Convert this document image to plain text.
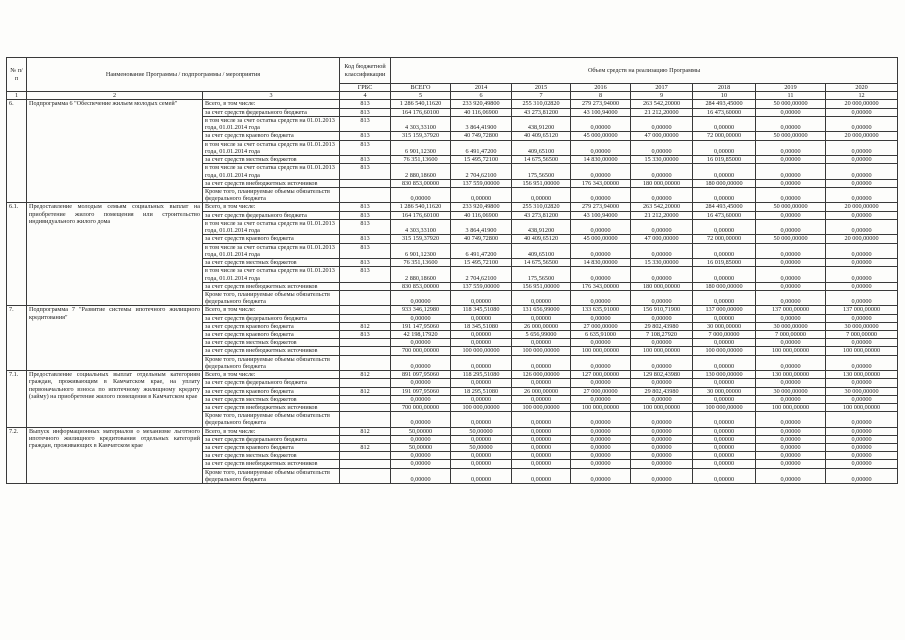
№ п/п	Наименование Программы / подпрограммы / мероприятия		Код бюджетной классификации	Объем средств на реализацию Программы							
			ГРБС	ВСЕГО	2014	2015	2016	2017	2018	2019	2020
1	2	3	4	5	6	7	8	9	10	11	12
6.	Подпрограмма 6 "Обеспечение жильем молодых семей"	Всего, в том числе:	813	1 286 540,11620	233 920,49800	255 310,02820	279 273,94000	263 542,20000	284 493,45000	50 000,00000	20 000,00000
		за счет средств федерального бюджета	813	164 176,60100	40 116,06900	43 273,81200	43 100,94000	21 212,20000	16 473,60000	0,00000	0,00000
		в том числе за счет остатка средств на 01.01.2013 года, 01.01.2014 года	813	4 303,33100	3 864,41900	438,91200	0,00000	0,00000	0,00000	0,00000	0,00000
		за счет средств краевого бюджета	813	315 159,37920	40 749,72800	40 409,65120	45 000,00000	47 000,00000	72 000,00000	50 000,00000	20 000,00000
		в том числе за счет остатка средств на 01.01.2013 года, 01.01.2014 года	813	6 901,12300	6 491,47200	409,65100	0,00000	0,00000	0,00000	0,00000	0,00000
		за счет средств местных бюджетов	813	76 351,13600	15 495,72100	14 675,56500	14 830,00000	15 330,00000	16 019,85000	0,00000	0,00000
		в том числе за счет остатка средств на 01.01.2013 года, 01.01.2014 года	813	2 880,18600	2 704,62100	175,56500	0,00000	0,00000	0,00000	0,00000	0,00000
		за счет средств внебюджетных источников		830 853,00000	137 559,00000	156 951,00000	176 343,00000	180 000,00000	180 000,00000	0,00000	0,00000
		Кроме того, планируемые объемы обязательств федерального бюджета		0,00000	0,00000	0,00000	0,00000	0,00000	0,00000	0,00000	0,00000
6.1.	Предоставление молодым семьям социальных выплат на приобретение жилого помещения или строительство индивидуального жилого дома	Всего, в том числе:	813	1 286 540,11620	233 920,49800	255 310,02820	279 273,94000	263 542,20000	284 493,45000	50 000,00000	20 000,00000
		за счет средств федерального бюджета	813	164 176,60100	40 116,06900	43 273,81200	43 100,94000	21 212,20000	16 473,60000	0,00000	0,00000
		в том числе за счет остатка средств на 01.01.2013 года, 01.01.2014 года	813	4 303,33100	3 864,41900	438,91200	0,00000	0,00000	0,00000	0,00000	0,00000
		за счет средств краевого бюджета	813	315 159,37920	40 749,72800	40 409,65120	45 000,00000	47 000,00000	72 000,00000	50 000,00000	20 000,00000
		в том числе за счет остатка средств на 01.01.2013 года, 01.01.2014 года	813	6 901,12300	6 491,47200	409,65100	0,00000	0,00000	0,00000	0,00000	0,00000
		за счет средств местных бюджетов	813	76 351,13600	15 495,72100	14 675,56500	14 830,00000	15 330,00000	16 019,85000	0,00000	0,00000
		в том числе за счет остатка средств на 01.01.2013 года, 01.01.2014 года	813	2 880,18600	2 704,62100	175,56500	0,00000	0,00000	0,00000	0,00000	0,00000
		за счет средств внебюджетных источников		830 853,00000	137 559,00000	156 951,00000	176 343,00000	180 000,00000	180 000,00000	0,00000	0,00000
		Кроме того, планируемые объемы обязательств федерального бюджета		0,00000	0,00000	0,00000	0,00000	0,00000	0,00000	0,00000	0,00000
7.	Подпрограмма 7 "Развитие системы ипотечного жилищного кредитования"	Всего, в том числе:		933 346,12980	118 345,51080	131 656,99000	133 635,91000	156 910,71900	137 000,00000	137 000,00000	137 000,00000
		за счет средств федерального бюджета		0,00000	0,00000	0,00000	0,00000	0,00000	0,00000	0,00000	0,00000
		за счет средств краевого бюджета	812	191 147,95060	18 345,51080	26 000,00000	27 000,00000	29 802,43980	30 000,00000	30 000,00000	30 000,00000
		за счет средств краевого бюджета	813	42 198,17920	0,00000	5 656,99000	6 635,91000	7 108,27920	7 000,00000	7 000,00000	7 000,00000
		за счет средств местных бюджетов		0,00000	0,00000	0,00000	0,00000	0,00000	0,00000	0,00000	0,00000
		за счет средств внебюджетных источников		700 000,00000	100 000,00000	100 000,00000	100 000,00000	100 000,00000	100 000,00000	100 000,00000	100 000,00000
		Кроме того, планируемые объемы обязательств федерального бюджета		0,00000	0,00000	0,00000	0,00000	0,00000	0,00000	0,00000	0,00000
7.1.	Предоставление социальных выплат отдельным категориям граждан, проживающим в Камчатском крае, на уплату первоначального взноса по ипотечному жилищному кредиту (займу) на приобретение жилого помещения в Камчатском крае	Всего, в том числе:	812	891 097,95060	118 295,51080	126 000,00000	127 000,00000	129 802,43980	130 000,00000	130 000,00000	130 000,00000
		за счет средств федерального бюджета		0,00000	0,00000	0,00000	0,00000	0,00000	0,00000	0,00000	0,00000
		за счет средств краевого бюджета	812	191 097,95060	18 295,51080	26 000,00000	27 000,00000	29 802,43980	30 000,00000	30 000,00000	30 000,00000
		за счет средств местных бюджетов		0,00000	0,00000	0,00000	0,00000	0,00000	0,00000	0,00000	0,00000
		за счет средств внебюджетных источников		700 000,00000	100 000,00000	100 000,00000	100 000,00000	100 000,00000	100 000,00000	100 000,00000	100 000,00000
		Кроме того, планируемые объемы обязательств федерального бюджета		0,00000	0,00000	0,00000	0,00000	0,00000	0,00000	0,00000	0,00000
7.2.	Выпуск информационных материалов о механизме льготного ипотечного жилищного кредитования отдельных категорий граждан, проживающих в Камчатском крае	Всего, в том числе:	812	50,00000	50,00000	0,00000	0,00000	0,00000	0,00000	0,00000	0,00000
		за счет средств федерального бюджета		0,00000	0,00000	0,00000	0,00000	0,00000	0,00000	0,00000	0,00000
		за счет средств краевого бюджета	812	50,00000	50,00000	0,00000	0,00000	0,00000	0,00000	0,00000	0,00000
		за счет средств местных бюджетов		0,00000	0,00000	0,00000	0,00000	0,00000	0,00000	0,00000	0,00000
		за счет средств внебюджетных источников		0,00000	0,00000	0,00000	0,00000	0,00000	0,00000	0,00000	0,00000
		Кроме того, планируемые объемы обязательств федерального бюджета		0,00000	0,00000	0,00000	0,00000	0,00000	0,00000	0,00000	0,00000
